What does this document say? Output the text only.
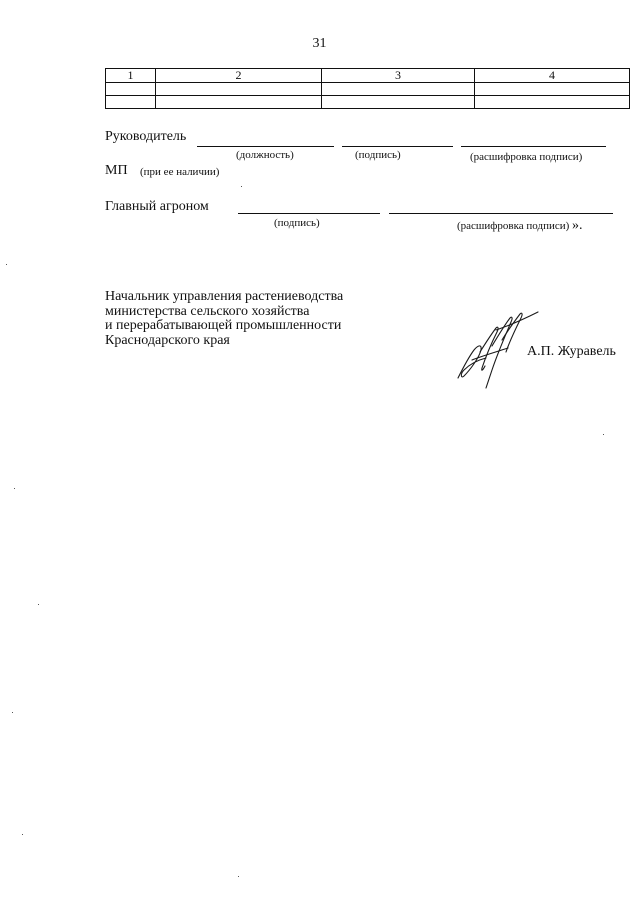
31
1	2	3	4

Руководитель
(должность)	(подпись)	(расшифровка подписи)
МП (при ее наличии)
Главный агроном
(подпись)	(расшифровка подписи) ».
Начальник управления растениеводства
министерства сельского хозяйства
и перерабатывающей промышленности
Краснодарского края
А.П. Журавель
